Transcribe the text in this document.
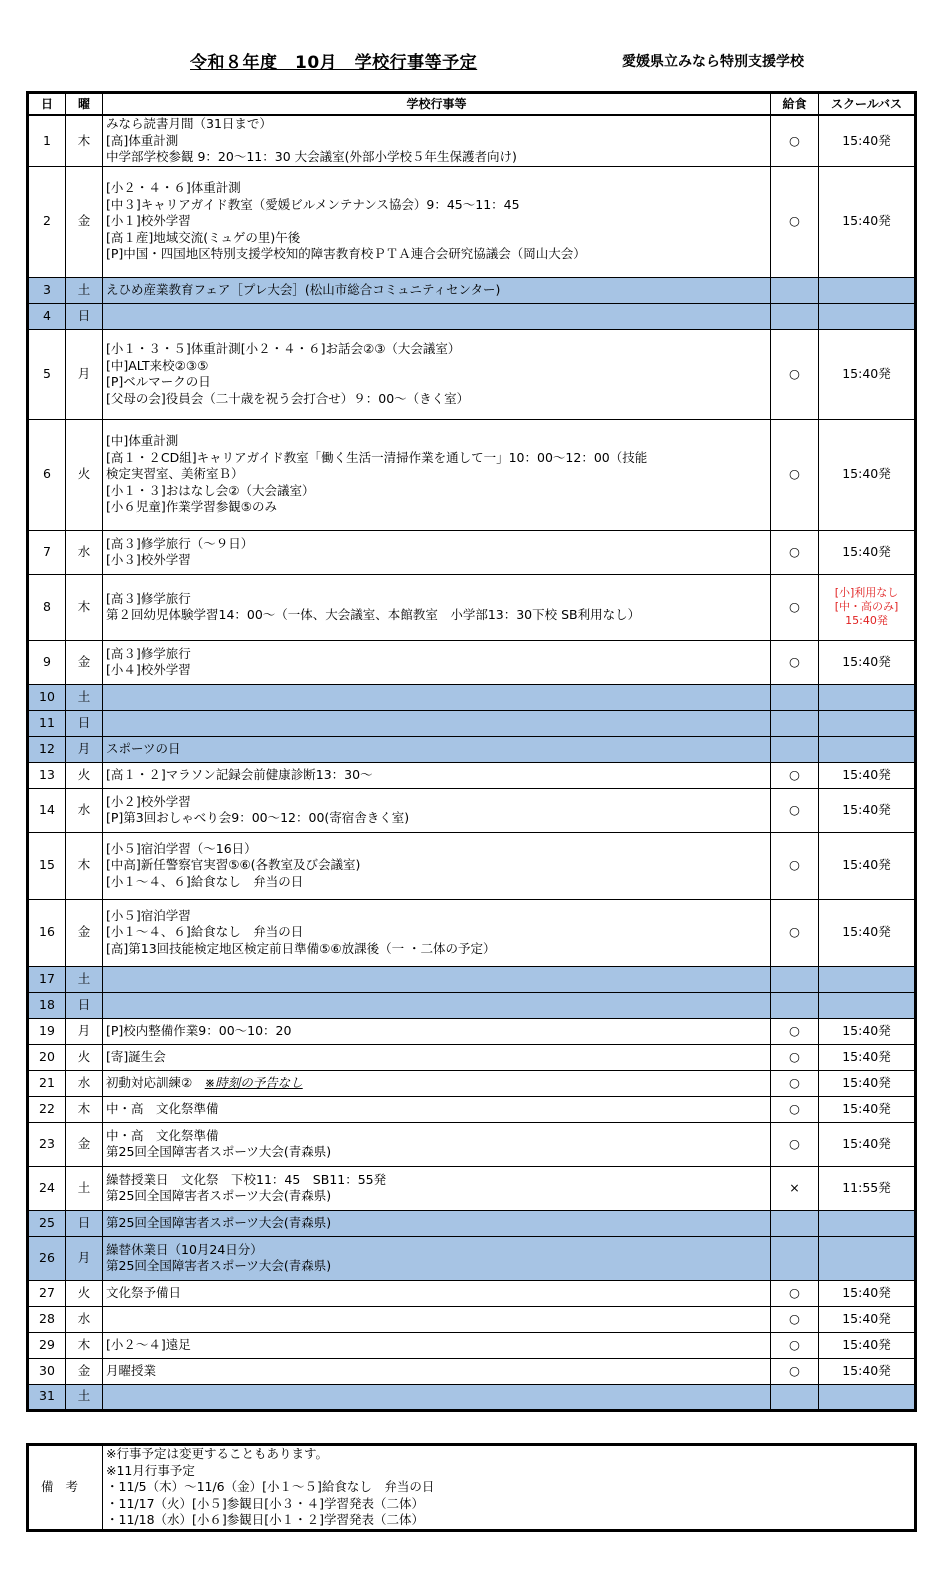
令和８年度　10月　学校行事等予定	愛媛県立みなら特別支援学校
日	曜	学校行事等	給食	スクールバス
1	木	みなら読書月間（31日まで）
[高]体重計測
中学部学校参観 9：20～11：30 大会議室(外部小学校５年生保護者向け)	○	15:40発
2	金	[小２・４・６]体重計測
[中３]キャリアガイド教室（愛媛ビルメンテナンス協会）9：45～11：45
[小１]校外学習
[高１産]地域交流(ミュゲの里)午後
[P]中国・四国地区特別支援学校知的障害教育校ＰＴＡ連合会研究協議会（岡山大会）	○	15:40発
3	土	えひめ産業教育フェア［プレ大会］(松山市総合コミュニティセンター)		

4	日			
5	月	[小１・３・５]体重計測[小２・４・６]お話会②③（大会議室）
[中]ALT来校②③⑤
[P]ベルマークの日
[父母の会]役員会（二十歳を祝う会打合せ）９：00～（きく室）	○	15:40発
6	火	[中]体重計測
[高１・２CD組]キャリアガイド教室「働く生活一清掃作業を通して一」10：00～12：00（技能
検定実習室、美術室Ｂ）
[小１・３]おはなし会②（大会議室）
[小６児童]作業学習参観⑤のみ	○	15:40発
7	水	[高３]修学旅行（～９日）
[小３]校外学習	○	15:40発
8	木	[高３]修学旅行
第２回幼児体験学習14：00～（一体、大会議室、本館教室　小学部13：30下校 SB利用なし）	○	[小]利用なし
[中・高のみ]
15:40発

9	金	[高３]修学旅行
[小４]校外学習	○	15:40発
10	土			
11	日			
12	月	スポーツの日		

13	火	[高１・２]マラソン記録会前健康診断13：30～	○	15:40発
14	水	[小２]校外学習
[P]第3回おしゃべり会9：00～12：00(寄宿舎きく室)	○	15:40発
15	木	[小５]宿泊学習（～16日）
[中高]新任警察官実習⑤⑥(各教室及び会議室)
[小１～４、６]給食なし　弁当の日	○	15:40発
16	金	[小５]宿泊学習
[小１～４、６]給食なし　弁当の日
[高]第13回技能検定地区検定前日準備⑤⑥放課後（一 ・二体の予定）	○	15:40発
17	土			
18	日			
19	月	[P]校内整備作業9：00～10：20	○	15:40発
20	火	[寄]誕生会	○	15:40発
21	水	初動対応訓練②　※時刻の予告なし	○	15:40発
22	木	中・高　文化祭準備	○	15:40発
23	金	中・高　文化祭準備
第25回全国障害者スポーツ大会(青森県)	○	15:40発
24	土	繰替授業日　文化祭　下校11：45　SB11：55発
第25回全国障害者スポーツ大会(青森県)	×	11:55発
25	日	第25回全国障害者スポーツ大会(青森県)		

26	月	繰替休業日（10月24日分）
第25回全国障害者スポーツ大会(青森県)		

27	火	文化祭予備日	○	15:40発
28	水		○	15:40発
29	木	[小２～４]遠足	○	15:40発
30	金	月曜授業	○	15:40発
31	土			
備考	
※行事予定は変更することもあります。
※11月行事予定
・11/5（木）～11/6（金）[小１～５]給食なし　弁当の日
・11/17（火）[小５]参観日[小３・４]学習発表（二体）
・11/18（水）[小６]参観日[小１・２]学習発表（二体）
